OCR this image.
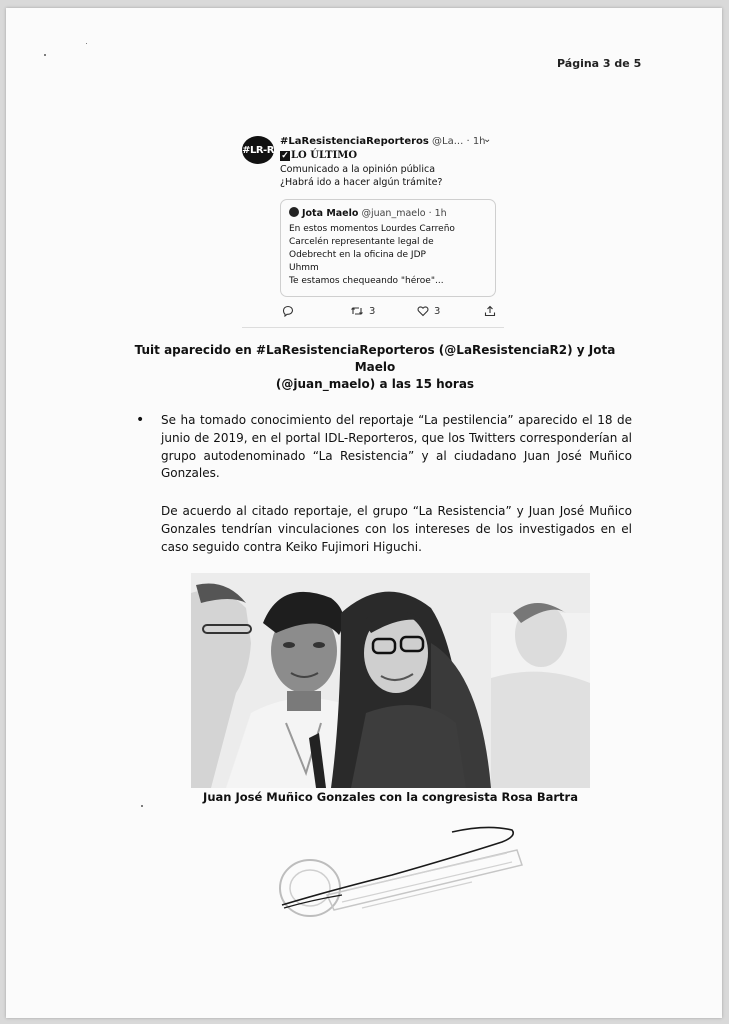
Página 3 de 5
#LR-R
#LaResistenciaReporteros @La... · 1h
⌄
✓ LO ÚLTIMO
Comunicado a la opinión pública
¿Habrá ido a hacer algún trámite?
Jota Maelo @juan_maelo · 1h
En estos momentos Lourdes Carreño
Carcelén representante legal de
Odebrecht en la oficina de JDP
Uhmm
Te estamos chequeando "héroe"...
3	3
Tuit aparecido en #LaResistenciaReporteros (@LaResistenciaR2) y Jota Maelo
(@juan_maelo) a las 15 horas
• Se ha tomado conocimiento del reportaje “La pestilencia” aparecido el 18 de junio de 2019, en el portal IDL-Reporteros, que los Twitters corresponderían al grupo autodenominado “La Resistencia” y al ciudadano Juan José Muñico Gonzales.
De acuerdo al citado reportaje, el grupo “La Resistencia” y Juan José Muñico Gonzales tendrían vinculaciones con los intereses de los investigados en el caso seguido contra Keiko Fujimori Higuchi.
Juan José Muñico Gonzales con la congresista Rosa Bartra
